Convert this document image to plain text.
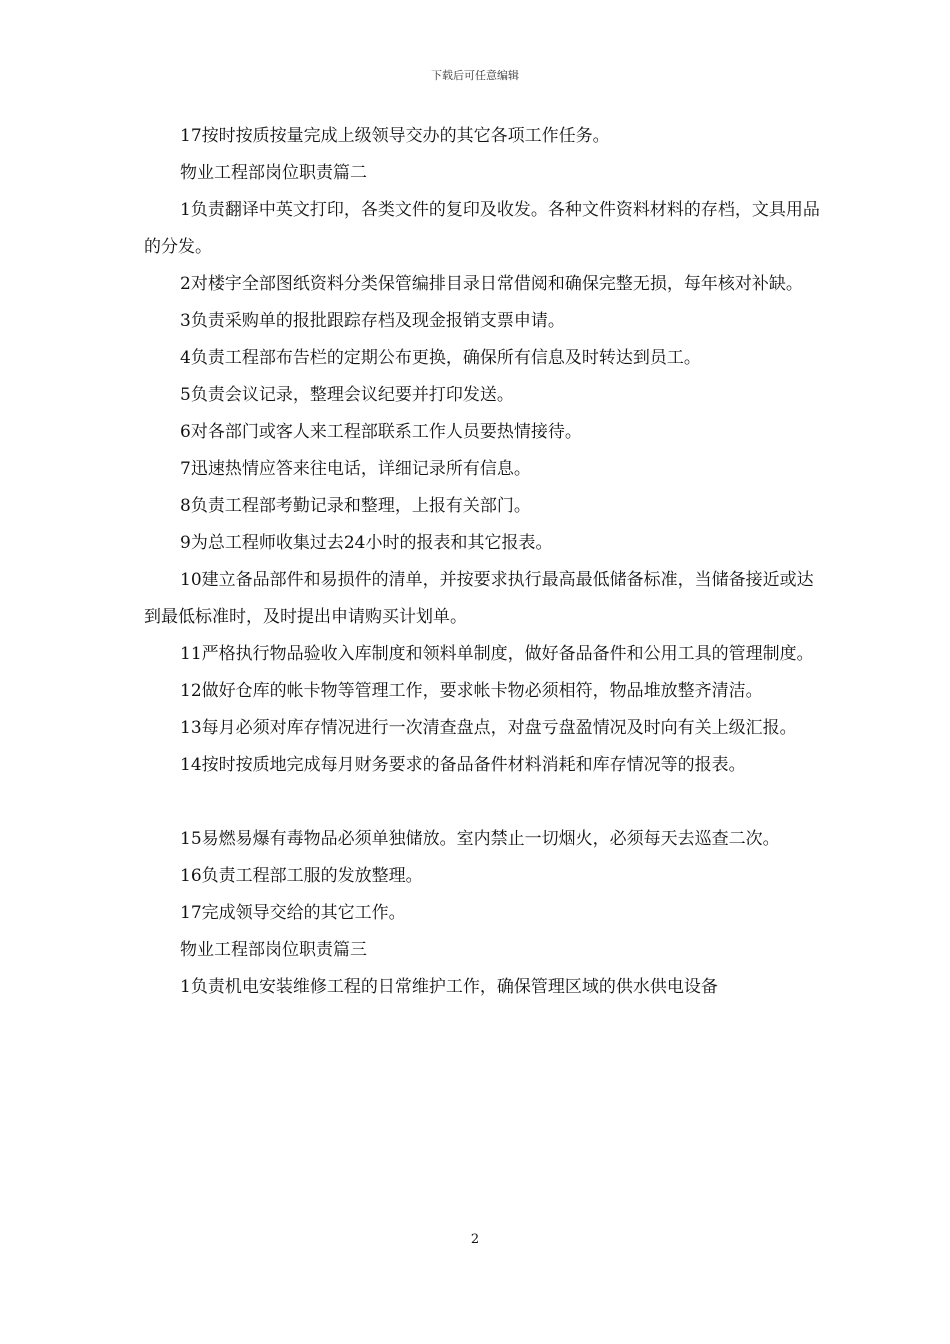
下载后可任意编辑

17按时按质按量完成上级领导交办的其它各项工作任务。

物业工程部岗位职责篇二

1负责翻译中英文打印，各类文件的复印及收发。各种文件资料材料的存档，文具用品的分发。

2对楼宇全部图纸资料分类保管编排目录日常借阅和确保完整无损，每年核对补缺。

3负责采购单的报批跟踪存档及现金报销支票申请。

4负责工程部布告栏的定期公布更换，确保所有信息及时转达到员工。

5负责会议记录，整理会议纪要并打印发送。

6对各部门或客人来工程部联系工作人员要热情接待。

7迅速热情应答来往电话，详细记录所有信息。

8负责工程部考勤记录和整理，上报有关部门。

9为总工程师收集过去24小时的报表和其它报表。

10建立备品部件和易损件的清单，并按要求执行最高最低储备标准，当储备接近或达到最低标准时，及时提出申请购买计划单。

11严格执行物品验收入库制度和领料单制度，做好备品备件和公用工具的管理制度。

12做好仓库的帐卡物等管理工作，要求帐卡物必须相符，物品堆放整齐清洁。

13每月必须对库存情况进行一次清查盘点，对盘亏盘盈情况及时向有关上级汇报。

14按时按质地完成每月财务要求的备品备件材料消耗和库存情况等的报表。

15易燃易爆有毒物品必须单独储放。室内禁止一切烟火，必须每天去巡查二次。

16负责工程部工服的发放整理。

17完成领导交给的其它工作。

物业工程部岗位职责篇三

1负责机电安装维修工程的日常维护工作，确保管理区域的供水供电设备

2
